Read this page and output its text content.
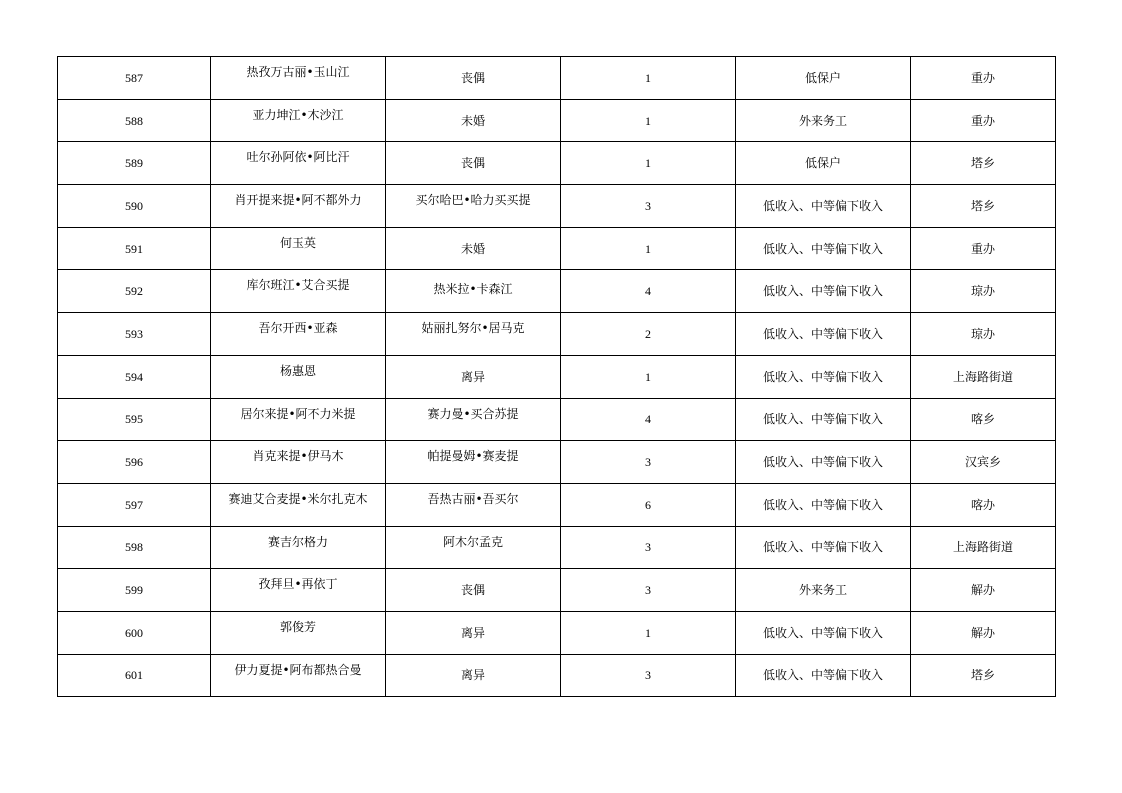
587	热孜万古丽•玉山江	丧偶	1	低保户	重办
588	亚力坤江•木沙江	未婚	1	外来务工	重办
589	吐尔孙阿依•阿比汗	丧偶	1	低保户	塔乡
590	肖开提来提•阿不都外力	买尔哈巴•哈力买买提	3	低收入、中等偏下收入	塔乡
591	何玉英	未婚	1	低收入、中等偏下收入	重办
592	库尔班江•艾合买提	热米拉•卡森江	4	低收入、中等偏下收入	琼办
593	吾尔开西•亚森	姑丽扎努尔•居马克	2	低收入、中等偏下收入	琼办
594	杨惠恩	离异	1	低收入、中等偏下收入	上海路街道
595	居尔来提•阿不力米提	赛力曼•买合苏提	4	低收入、中等偏下收入	喀乡
596	肖克来提•伊马木	帕提曼姆•赛麦提	3	低收入、中等偏下收入	汉宾乡
597	赛迪艾合麦提•米尔扎克木	吾热古丽•吾买尔	6	低收入、中等偏下收入	喀办
598	赛吉尔格力	阿木尔孟克	3	低收入、中等偏下收入	上海路街道
599	孜拜旦•再依丁	丧偶	3	外来务工	解办
600	郭俊芳	离异	1	低收入、中等偏下收入	解办
601	伊力夏提•阿布都热合曼	离异	3	低收入、中等偏下收入	塔乡
